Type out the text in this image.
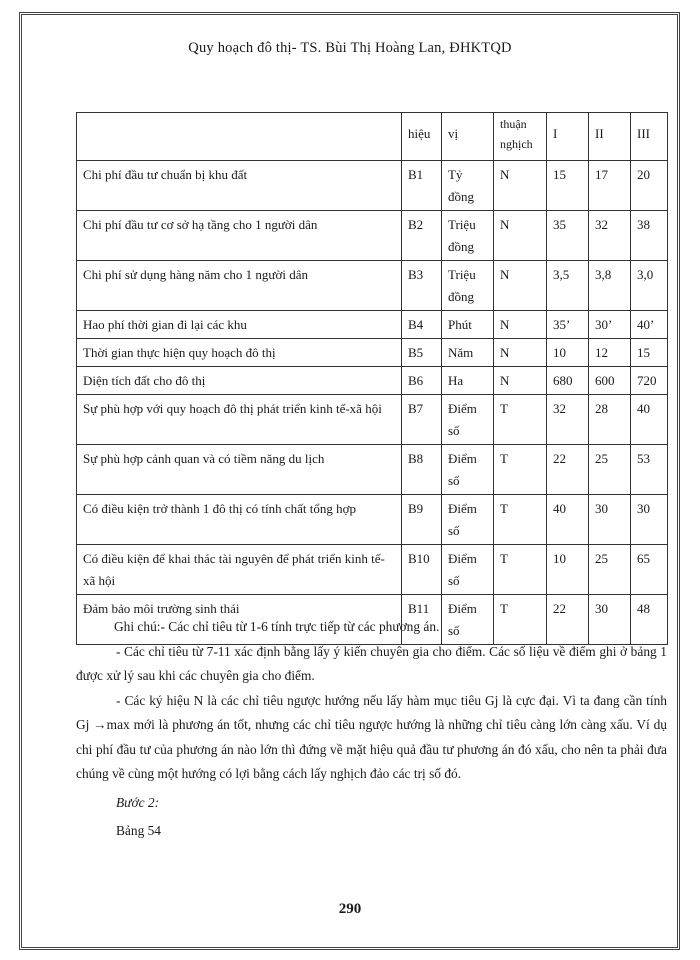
Quy hoạch đô thị- TS. Bùi Thị Hoàng Lan, ĐHKTQD
	hiệu	vị	thuận nghịch	I	II	III
Chi phí đầu tư chuẩn bị khu đất	B1	Tỷ đồng	N	15	17	20
Chi phí đầu tư cơ sở hạ tầng cho 1 người dân	B2	Triệu đồng	N	35	32	38
Chi phí sử dụng hàng năm cho 1 người dân	B3	Triệu đồng	N	3,5	3,8	3,0
Hao phí thời gian đi lại các khu	B4	Phút	N	35’	30’	40’
Thời gian thực hiện quy hoạch đô thị	B5	Năm	N	10	12	15
Diện tích đất cho đô thị	B6	Ha	N	680	600	720
Sự phù hợp với quy hoạch đô thị phát triển kinh tế-xã hội	B7	Điểm số	T	32	28	40
Sự phù hợp cảnh quan và có tiềm năng du lịch	B8	Điểm số	T	22	25	53
Có điều kiện trở thành 1 đô thị có tính chất tổng hợp	B9	Điểm số	T	40	30	30
Có điều kiện để khai thác tài nguyên để phát triển kinh tế-xã hội	B10	Điểm số	T	10	25	65
Đảm bảo môi trường sinh thái	B11	Điểm số	T	22	30	48

Ghi chú:- Các chỉ tiêu từ 1-6 tính trực tiếp từ các phương án.

- Các chỉ tiêu từ 7-11 xác định bằng lấy ý kiến chuyên gia cho điểm. Các số liệu về điểm ghi ở bảng 1 được xử lý sau khi các chuyên gia cho điểm.

- Các ký hiệu N là các chỉ tiêu ngược hướng nếu lấy hàm mục tiêu Gj là cực đại. Vì ta đang cần tính Gj →max mới là phương án tốt, nhưng các chỉ tiêu ngược hướng là những chỉ tiêu càng lớn càng xấu. Ví dụ chi phí đầu tư của phương án nào lớn thì đứng về mặt hiệu quả đầu tư phương án đó xấu, cho nên ta phải đưa chúng về cùng một hướng có lợi bằng cách lấy nghịch đảo các trị số đó.

Bước 2:

Bảng 54

290
